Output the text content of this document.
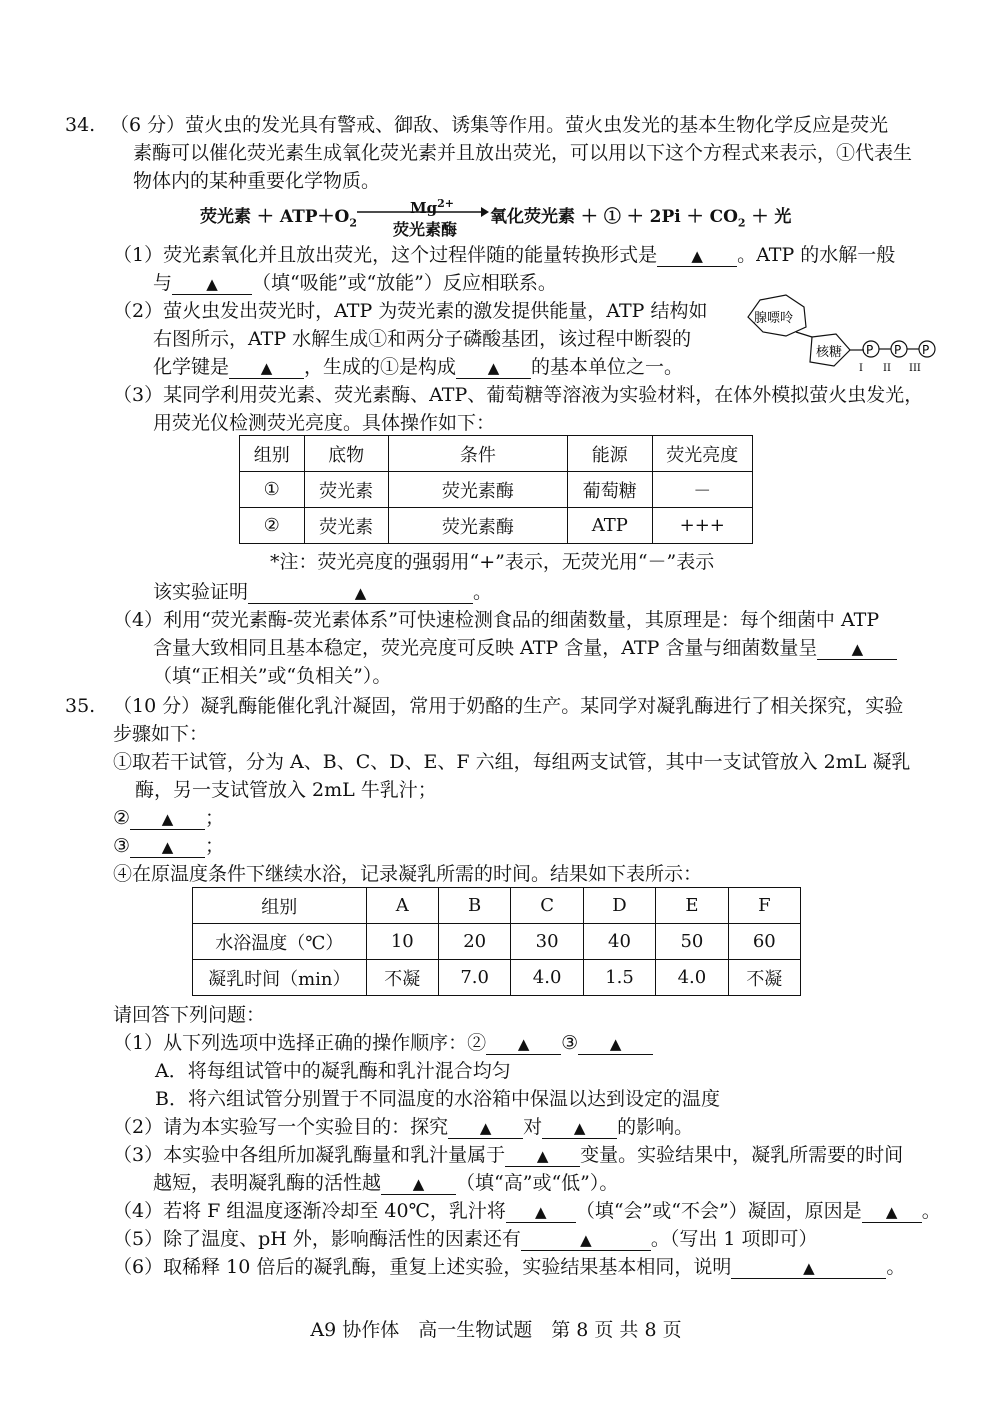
34. （6 分）萤火虫的发光具有警戒、御敌、诱集等作用。萤火虫发光的基本生物化学反应是荧光
素酶可以催化荧光素生成氧化荧光素并且放出荧光，可以用以下这个方程式来表示，①代表生
物体内的某种重要化学物质。
荧光素 ＋ $ATP+O_2$
$Mg^{2+}$
荧光素酶
氧化荧光素 ＋ ① ＋ $2Pi + CO_2$ ＋ 光
（1）荧光素氧化并且放出荧光，这个过程伴随的能量转换形式是 ▲ 。ATP 的水解一般
与 ▲ （填“吸能”或“放能”）反应相联系。
（2）萤火虫发出荧光时，ATP 为荧光素的激发提供能量，ATP 结构如
右图所示，ATP 水解生成①和两分子磷酸基团，该过程中断裂的
化学键是 ▲ ，生成的①是构成 ▲ 的基本单位之一。
腺嘌呤
核糖 P P P
I II III
（3）某同学利用荧光素、荧光素酶、ATP、葡萄糖等溶液为实验材料，在体外模拟萤火虫发光，
用荧光仪检测荧光亮度。具体操作如下：
组别	底物	条件	能源	荧光亮度
①	荧光素	荧光素酶	葡萄糖	－
②	荧光素	荧光素酶	ATP	+++
*注：荧光亮度的强弱用“+”表示，无荧光用“－”表示
该实验证明	▲	。
（4）利用“荧光素酶-荧光素体系”可快速检测食品的细菌数量，其原理是：每个细菌中 ATP
含量大致相同且基本稳定，荧光亮度可反映 ATP 含量，ATP 含量与细菌数量呈 ▲
（填“正相关”或“负相关”）。
35. （10 分）凝乳酶能催化乳汁凝固，常用于奶酪的生产。某同学对凝乳酶进行了相关探究，实验
步骤如下：
①取若干试管，分为 A、B、C、D、E、F 六组，每组两支试管，其中一支试管放入 2mL 凝乳
酶，另一支试管放入 2mL 牛乳汁；
② ▲ ；
③ ▲ ；
④在原温度条件下继续水浴，记录凝乳所需的时间。结果如下表所示：
组别	A	B	C	D	E	F
水浴温度（℃）	10	20	30	40	50	60
凝乳时间（min）	不凝	7.0	4.0	1.5	4.0	不凝
请回答下列问题：
（1）从下列选项中选择正确的操作顺序：② ▲ ③ ▲
A．将每组试管中的凝乳酶和乳汁混合均匀
B．将六组试管分别置于不同温度的水浴箱中保温以达到设定的温度
（2）请为本实验写一个实验目的：探究 ▲ 对 ▲ 的影响。
（3）本实验中各组所加凝乳酶量和乳汁量属于 ▲ 变量。实验结果中，凝乳所需要的时间
越短，表明凝乳酶的活性越 ▲ （填“高”或“低”）。
（4）若将 F 组温度逐渐冷却至 40℃，乳汁将 ▲ （填“会”或“不会”）凝固，原因是 ▲ 。
（5）除了温度、pH 外，影响酶活性的因素还有	▲	。（写出 1 项即可）
（6）取稀释 10 倍后的凝乳酶，重复上述实验，实验结果基本相同，说明	▲	。
A9 协作体　高一生物试题　第 8 页 共 8 页
